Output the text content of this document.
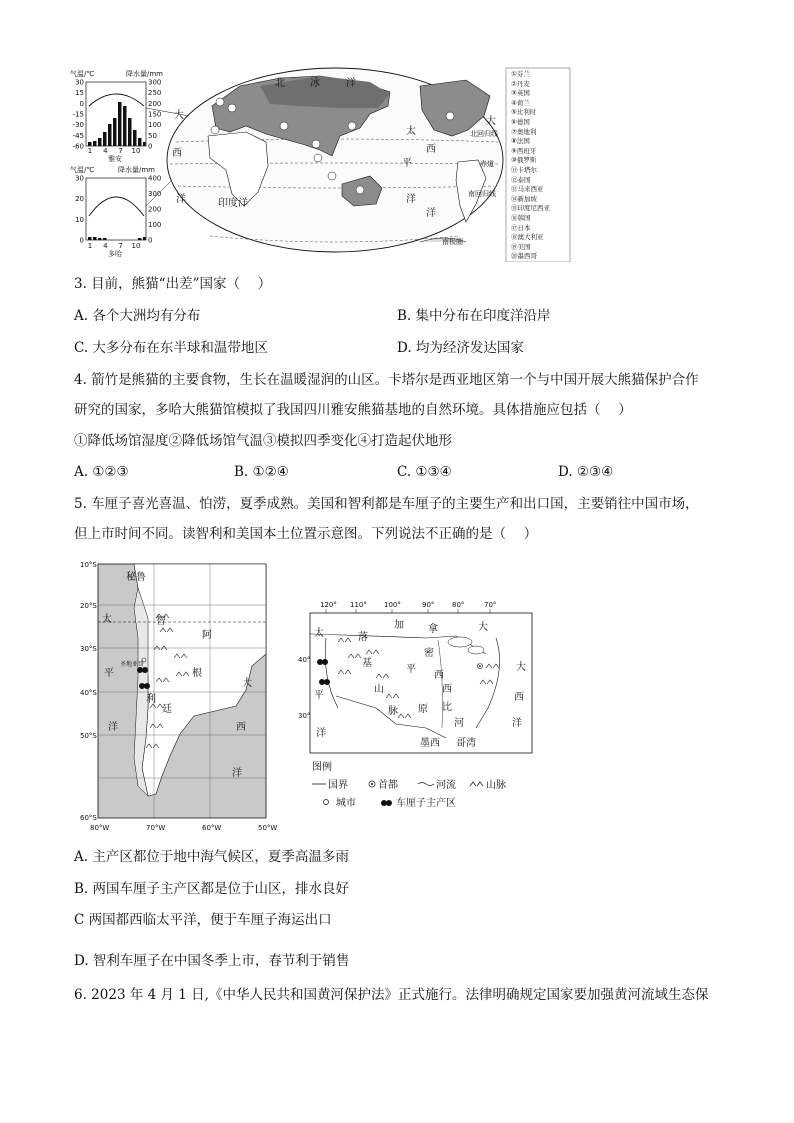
气温/℃	降水量/mm
30
15
0
-15
-30
-45
-60
300
250
200
150
100
50
0
1 4 7 10
雅安
气温/℃	降水量/mm
30
20
10
0
400
300
200
100
0
1 4 7 10
多哈
北	冰	洋
大
西
洋
太
平
洋
大
西
洋
印度洋
北回归线
赤道
南回归线
南极圈
①芬兰
②丹麦
③英国
④荷兰
⑤比利时
⑥德国
⑦奥地利
⑧法国
⑨西班牙
⑩俄罗斯
⑪卡塔尔
⑫泰国
⑬马来西亚
⑭新加坡
⑮印度尼西亚
⑯韩国
⑰日本
⑱澳大利亚
⑲美国
⑳墨西哥
3. 目前，熊猫“出差”国家（　 ）
A. 各个大洲均有分布	B. 集中分布在印度洋沿岸
C. 大多分布在东半球和温带地区	D. 均为经济发达国家
4. 箭竹是熊猫的主要食物，生长在温暖湿润的山区。卡塔尔是西亚地区第一个与中国开展大熊猫保护合作
研究的国家，多哈大熊猫馆模拟了我国四川雅安熊猫基地的自然环境。具体措施应包括（　 ）
①降低场馆湿度②降低场馆气温③模拟四季变化④打造起伏地形
A. ①②③	B. ①②④	C. ①③④	D. ②③④
5. 车厘子喜光喜温、怕涝，夏季成熟。美国和智利都是车厘子的主要生产和出口国，主要销往中国市场，
但上市时间不同。读智利和美国本土位置示意图。下列说法不正确的是（　 ）
10°S
20°S
30°S
40°S
50°S
60°S
80°W	70°W	60°W	50°W
秘鲁
太
平
洋
智
利
阿
根
廷
大
西
洋
圣地亚哥
120° 110° 100°	90°	80°	70°
40°
30°
加 拿	大
太
平
洋
落
基
山
脉
大
西
洋
密
西
西
比
平
原
河
墨西 哥湾
图例
国界	首都	河流	山脉
城市	车厘子主产区
A. 主产区都位于地中海气候区，夏季高温多雨
B. 两国车厘子主产区都是位于山区，排水良好
C 两国都西临太平洋，便于车厘子海运出口
D. 智利车厘子在中国冬季上市，春节利于销售
6. 2023 年 4 月 1 日,《中华人民共和国黄河保护法》正式施行。法律明确规定国家要加强黄河流域生态保
